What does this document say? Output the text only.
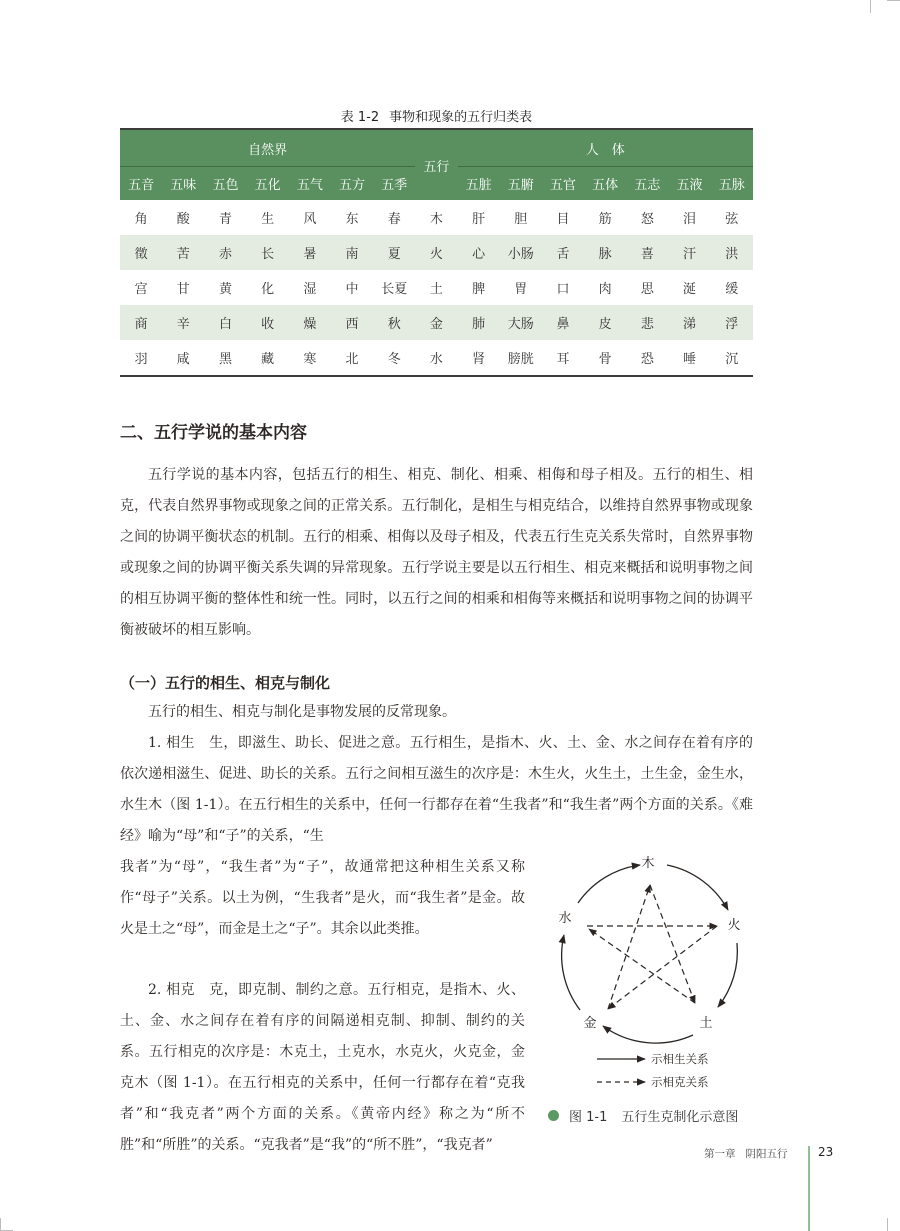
表 1-2 事物和现象的五行归类表
自然界							五行	人　体						
五音	五味	五色	五化	五气	五方	五季		五脏	五腑	五官	五体	五志	五液	五脉
角	酸	青	生	风	东	春	木	肝	胆	目	筋	怒	泪	弦
徵	苦	赤	长	暑	南	夏	火	心	小肠	舌	脉	喜	汗	洪
宫	甘	黄	化	湿	中	长夏	土	脾	胃	口	肉	思	涎	缓
商	辛	白	收	燥	西	秋	金	肺	大肠	鼻	皮	悲	涕	浮
羽	咸	黑	藏	寒	北	冬	水	肾	膀胱	耳	骨	恐	唾	沉
二、五行学说的基本内容

五行学说的基本内容，包括五行的相生、相克、制化、相乘、相侮和母子相及。五行的相生、相克，代表自然界事物或现象之间的正常关系。五行制化，是相生与相克结合，以维持自然界事物或现象之间的协调平衡状态的机制。五行的相乘、相侮以及母子相及，代表五行生克关系失常时，自然界事物或现象之间的协调平衡关系失调的异常现象。五行学说主要是以五行相生、相克来概括和说明事物之间的相互协调平衡的整体性和统一性。同时，以五行之间的相乘和相侮等来概括和说明事物之间的协调平衡被破坏的相互影响。

（一）五行的相生、相克与制化

五行的相生、相克与制化是事物发展的反常现象。

1. 相生　生，即滋生、助长、促进之意。五行相生，是指木、火、土、金、水之间存在着有序的依次递相滋生、促进、助长的关系。五行之间相互滋生的次序是：木生火，火生土，土生金，金生水，水生木（图 1-1）。在五行相生的关系中，任何一行都存在着“生我者”和“我生者”两个方面的关系。《难经》喻为“母”和“子”的关系，“生

我者”为“母”，“我生者”为“子”，故通常把这种相生关系又称作“母子”关系。以土为例，“生我者”是火，而“我生者”是金。故火是土之“母”，而金是土之“子”。其余以此类推。

2. 相克　克，即克制、制约之意。五行相克，是指木、火、土、金、水之间存在着有序的间隔递相克制、抑制、制约的关系。五行相克的次序是：木克土，土克水，水克火，火克金，金克木（图 1-1）。在五行相克的关系中，任何一行都存在着“克我者”和“我克者”两个方面的关系。《黄帝内经》称之为“所不胜”和“所胜”的关系。“克我者”是“我”的“所不胜”，“我克者”

木
火
土
金
水
示相生关系
示相克关系
图 1-1 五行生克制化示意图
第一章 阴阳五行	23
